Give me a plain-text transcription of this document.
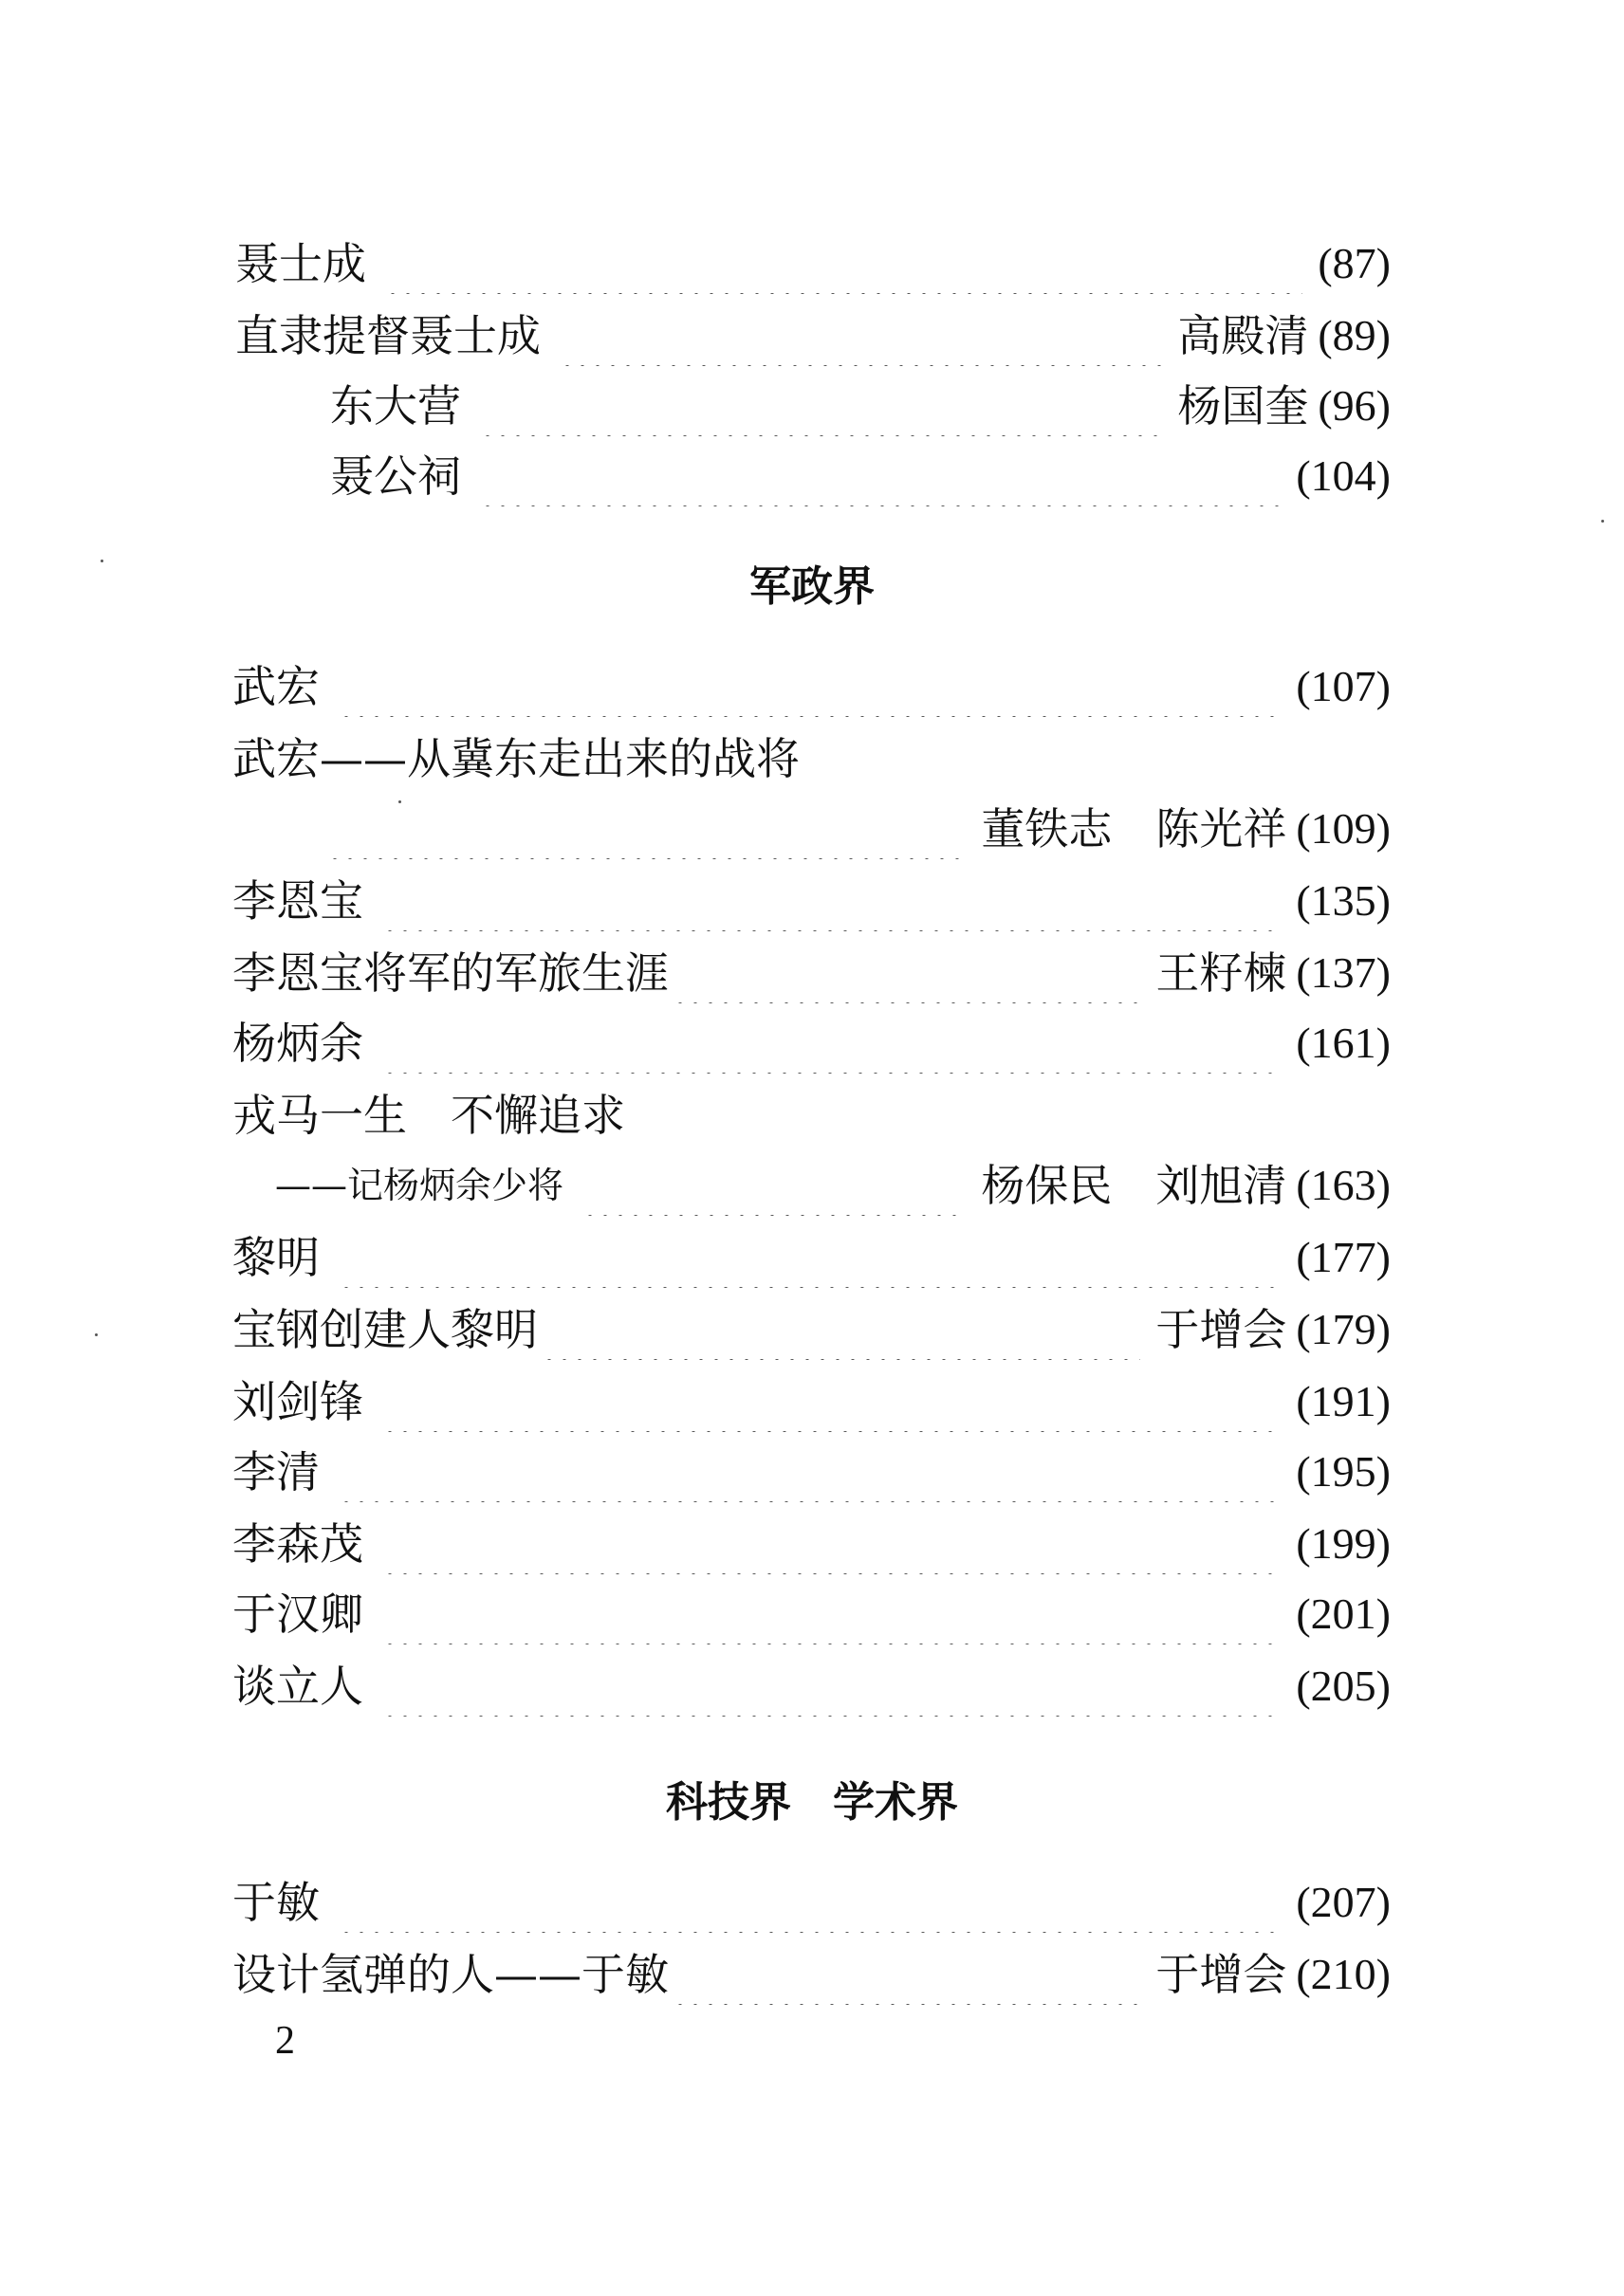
聂士成	(87)
直隶提督聂士成	高殿清 (89)
东大营	杨国奎 (96)
聂公祠	(104)
军政界
武宏	(107)
武宏——从冀东走出来的战将
董铁志　陈光祥 (109)
李恩宝	(135)
李恩宝将军的军旅生涯	王籽楝 (137)
杨炳余	(161)
戎马一生　不懈追求
——记杨炳余少将	杨保民　刘旭清 (163)
黎明	(177)
宝钢创建人黎明	于增会 (179)
刘剑锋	(191)
李清	(195)
李森茂	(199)
于汉卿	(201)
谈立人	(205)
科技界　学术界
于敏	(207)
设计氢弹的人——于敏	于增会 (210)
2
